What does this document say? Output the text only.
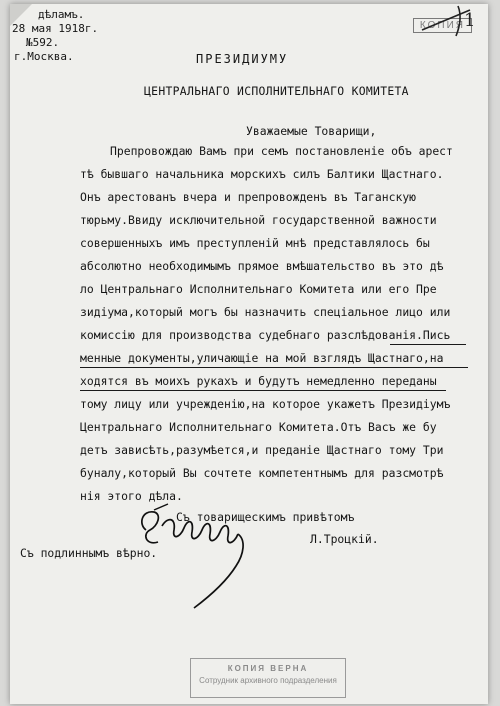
дѣламъ.
28 мая 1918г.
№592.
г.Москва.
КОПИЯ 1
ПРЕЗИДИУМУ
ЦЕНТРАЛЬНАГО ИСПОЛНИТЕЛЬНАГО КОМИТЕТА
Уважаемые Товарищи,
Препровождаю Вамъ при семъ постановленіе объ арест
тѣ бывшаго начальника морскихъ силъ Балтики Щастнаго.
Онъ арестованъ вчера и препровожденъ въ Таганскую
тюрьму.Ввиду исключительной государственной важности
совершенныхъ имъ преступленій мнѣ представлялось бы
абсолютно необходимымъ прямое вмѣшательство въ это дѣ
ло Центральнаго Исполнительнаго Комитета или его Пре
зидіума,который могъ бы назначить спеціальное лицо или
комиссію для производства судебнаго разслѣдованія.Пись
менные документы,уличающіе на мой взглядъ Щастнаго,на
ходятся въ моихъ рукахъ и будутъ немедленно переданы
тому лицу или учрежденію,на которое укажетъ Президіумъ
Центральнаго Исполнительнаго Комитета.Отъ Васъ же бу
детъ зависѣть,разумѣется,и преданіе Щастнаго тому Три
буналу,который Вы сочтете компетентнымъ для разсмотрѣ
нія этого дѣла.
Съ товарищескимъ привѣтомъ
Л.Троцкій.
Съ подлиннымъ вѣрно.
КОПИЯ ВЕРНА
Сотрудник архивного подразделения
